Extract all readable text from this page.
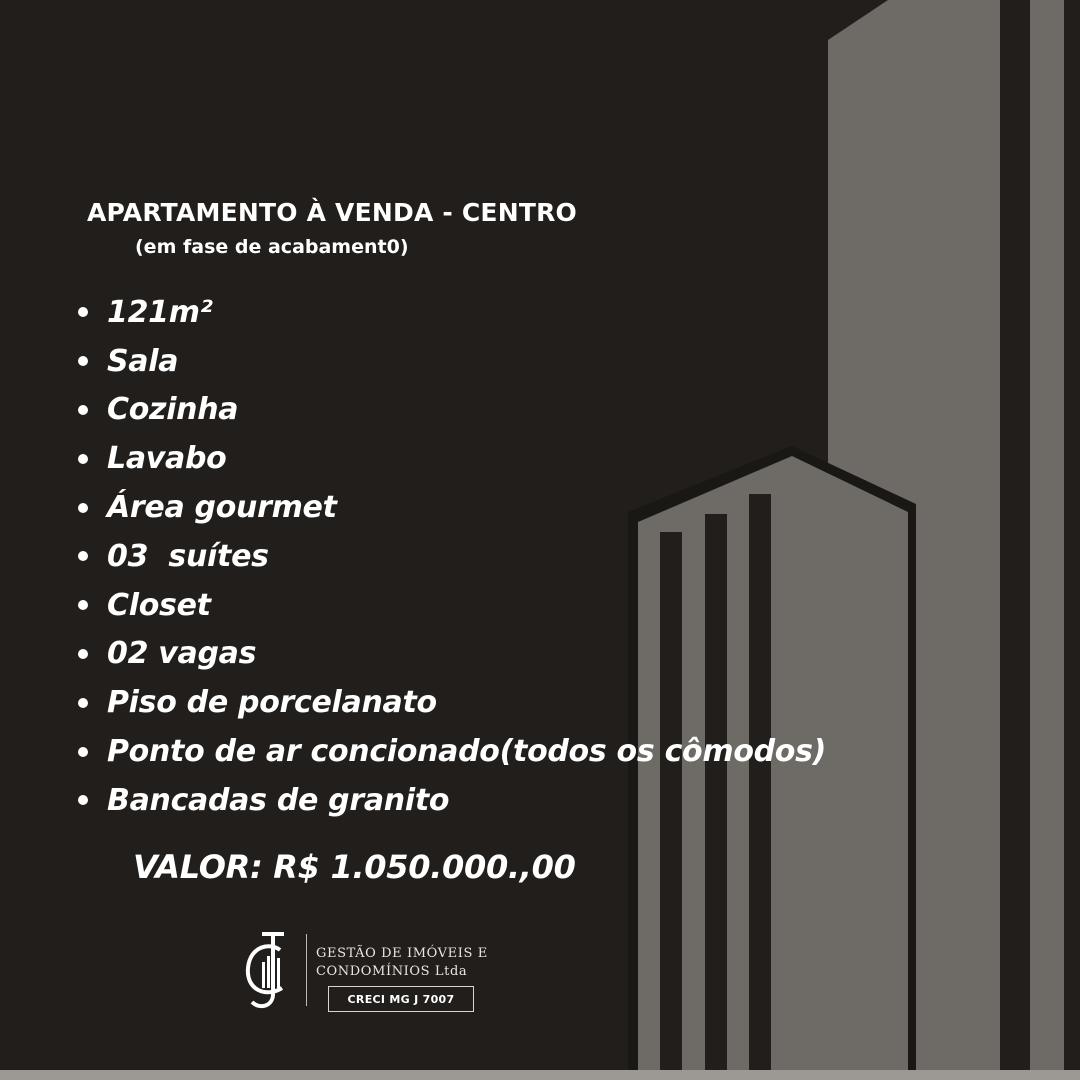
APARTAMENTO À VENDA - CENTRO

(em fase de acabament0)

121m²
Sala
Cozinha
Lavabo
Área gourmet
03  suítes
Closet
02 vagas
Piso de porcelanato
Ponto de ar concionado(todos os cômodos)
Bancadas de granito

VALOR: R$ 1.050.000.,00

GESTÃO DE IMÓVEIS E
CONDOMÍNIOS Ltda
CRECI MG J 7007
